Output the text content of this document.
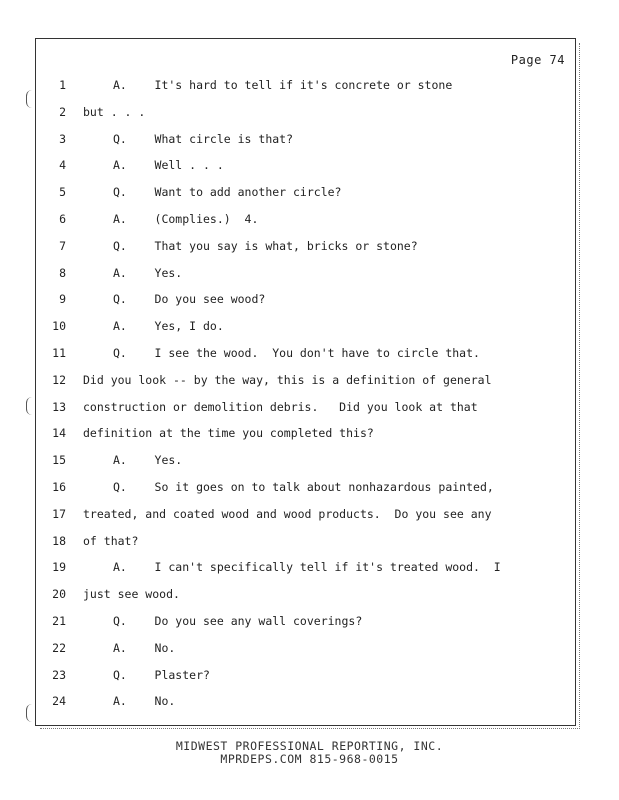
Page 74
1	A.    It's hard to tell if it's concrete or stone
2 but . . .
3	Q.    What circle is that?
4	A.    Well . . .
5	Q.    Want to add another circle?
6	A.    (Complies.)  4.
7	Q.    That you say is what, bricks or stone?
8	A.    Yes.
9	Q.    Do you see wood?
10	A.    Yes, I do.
11	Q.    I see the wood.  You don't have to circle that.
12 Did you look -- by the way, this is a definition of general
13 construction or demolition debris.   Did you look at that
14 definition at the time you completed this?
15	A.    Yes.
16	Q.    So it goes on to talk about nonhazardous painted,
17 treated, and coated wood and wood products.  Do you see any
18 of that?
19	A.    I can't specifically tell if it's treated wood.  I
20 just see wood.
21	Q.    Do you see any wall coverings?
22	A.    No.
23	Q.    Plaster?
24	A.    No.
MIDWEST PROFESSIONAL REPORTING, INC.
MPRDEPS.COM 815-968-0015
